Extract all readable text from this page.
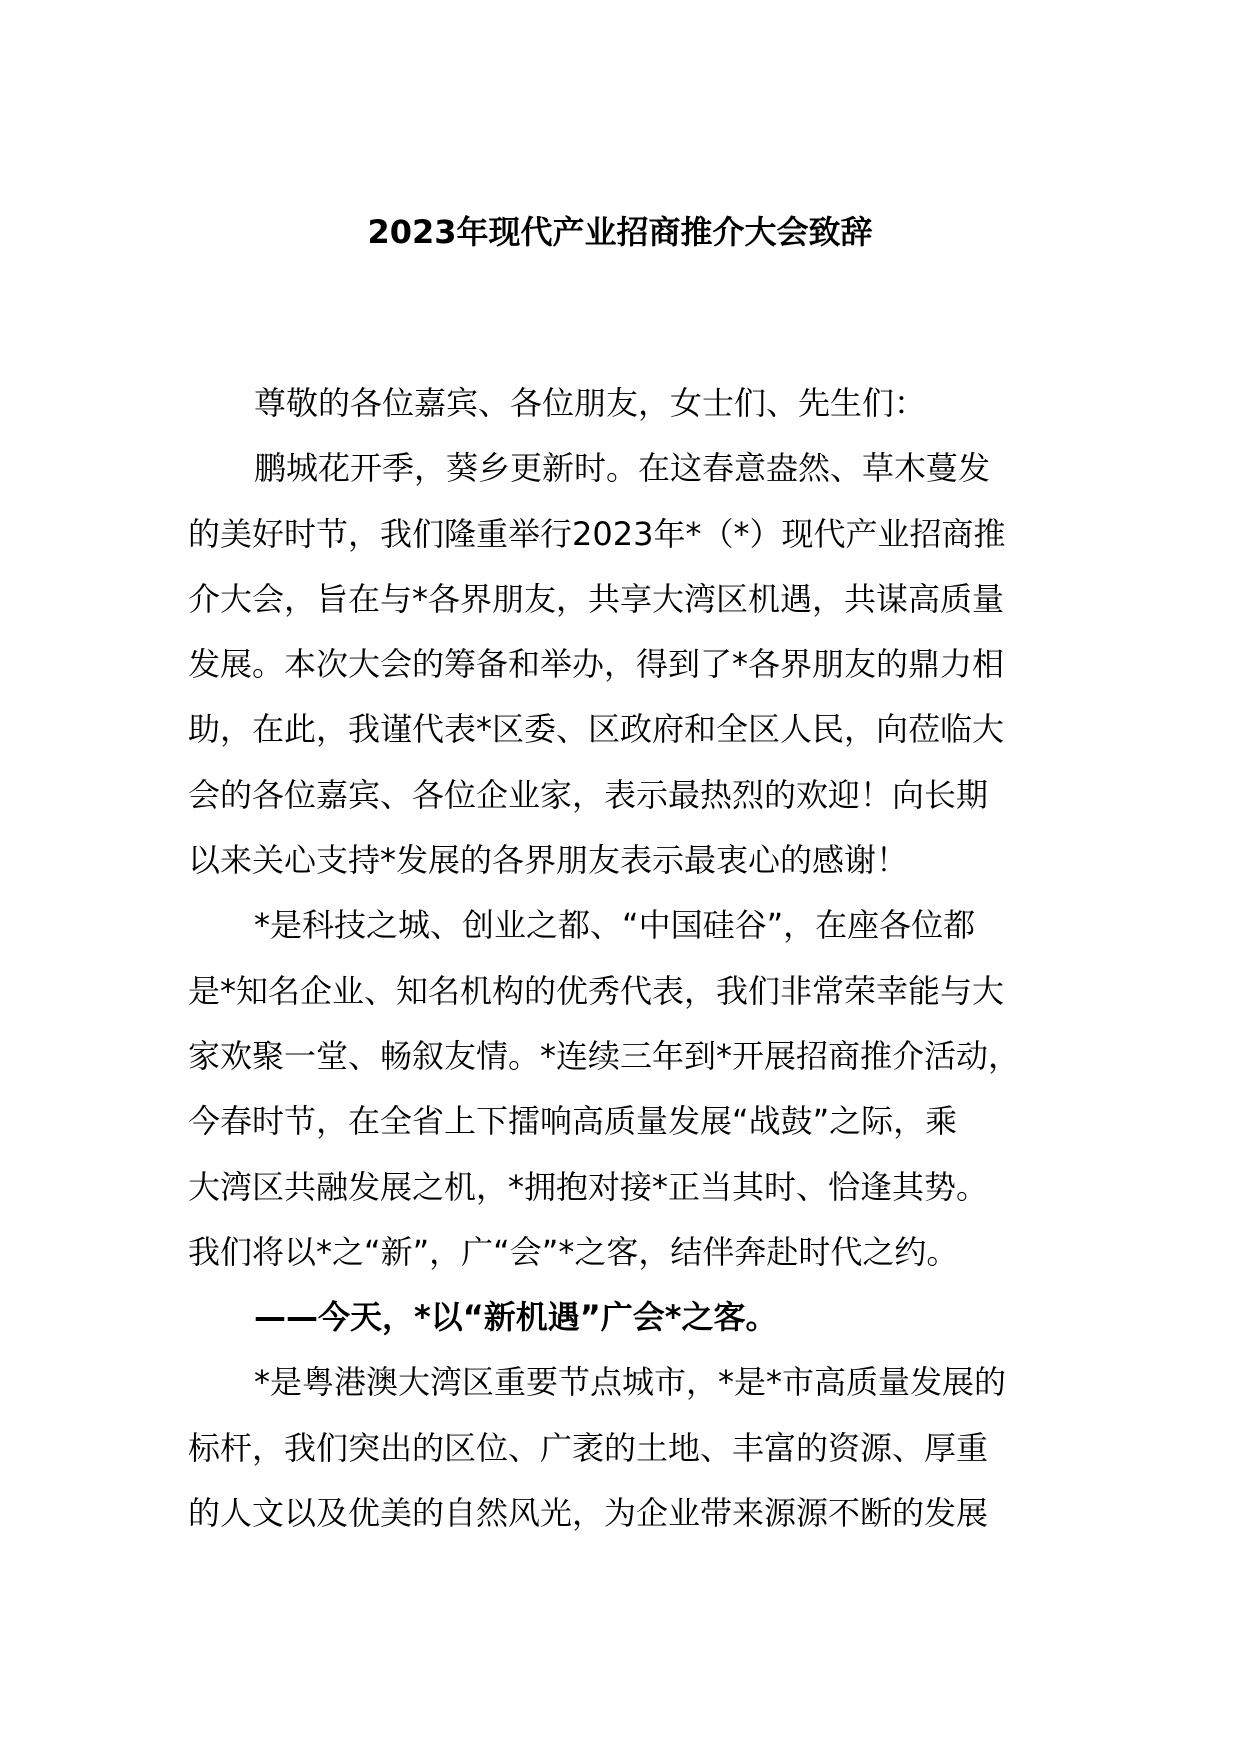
2023年现代产业招商推介大会致辞

尊敬的各位嘉宾、各位朋友，女士们、先生们：

鹏城花开季，葵乡更新时。在这春意盎然、草木蔓发

的美好时节，我们隆重举行2023年*（*）现代产业招商推

介大会，旨在与*各界朋友，共享大湾区机遇，共谋高质量

发展。本次大会的筹备和举办，得到了*各界朋友的鼎力相

助，在此，我谨代表*区委、区政府和全区人民，向莅临大

会的各位嘉宾、各位企业家，表示最热烈的欢迎！向长期

以来关心支持*发展的各界朋友表示最衷心的感谢！

*是科技之城、创业之都、“中国硅谷”，在座各位都

是*知名企业、知名机构的优秀代表，我们非常荣幸能与大

家欢聚一堂、畅叙友情。*连续三年到*开展招商推介活动，

今春时节，在全省上下擂响高质量发展“战鼓”之际，乘

大湾区共融发展之机，*拥抱对接*正当其时、恰逢其势。

我们将以*之“新”，广“会”*之客，结伴奔赴时代之约。

——今天，*以“新机遇”广会*之客。

*是粤港澳大湾区重要节点城市，*是*市高质量发展的

标杆，我们突出的区位、广袤的土地、丰富的资源、厚重

的人文以及优美的自然风光，为企业带来源源不断的发展
